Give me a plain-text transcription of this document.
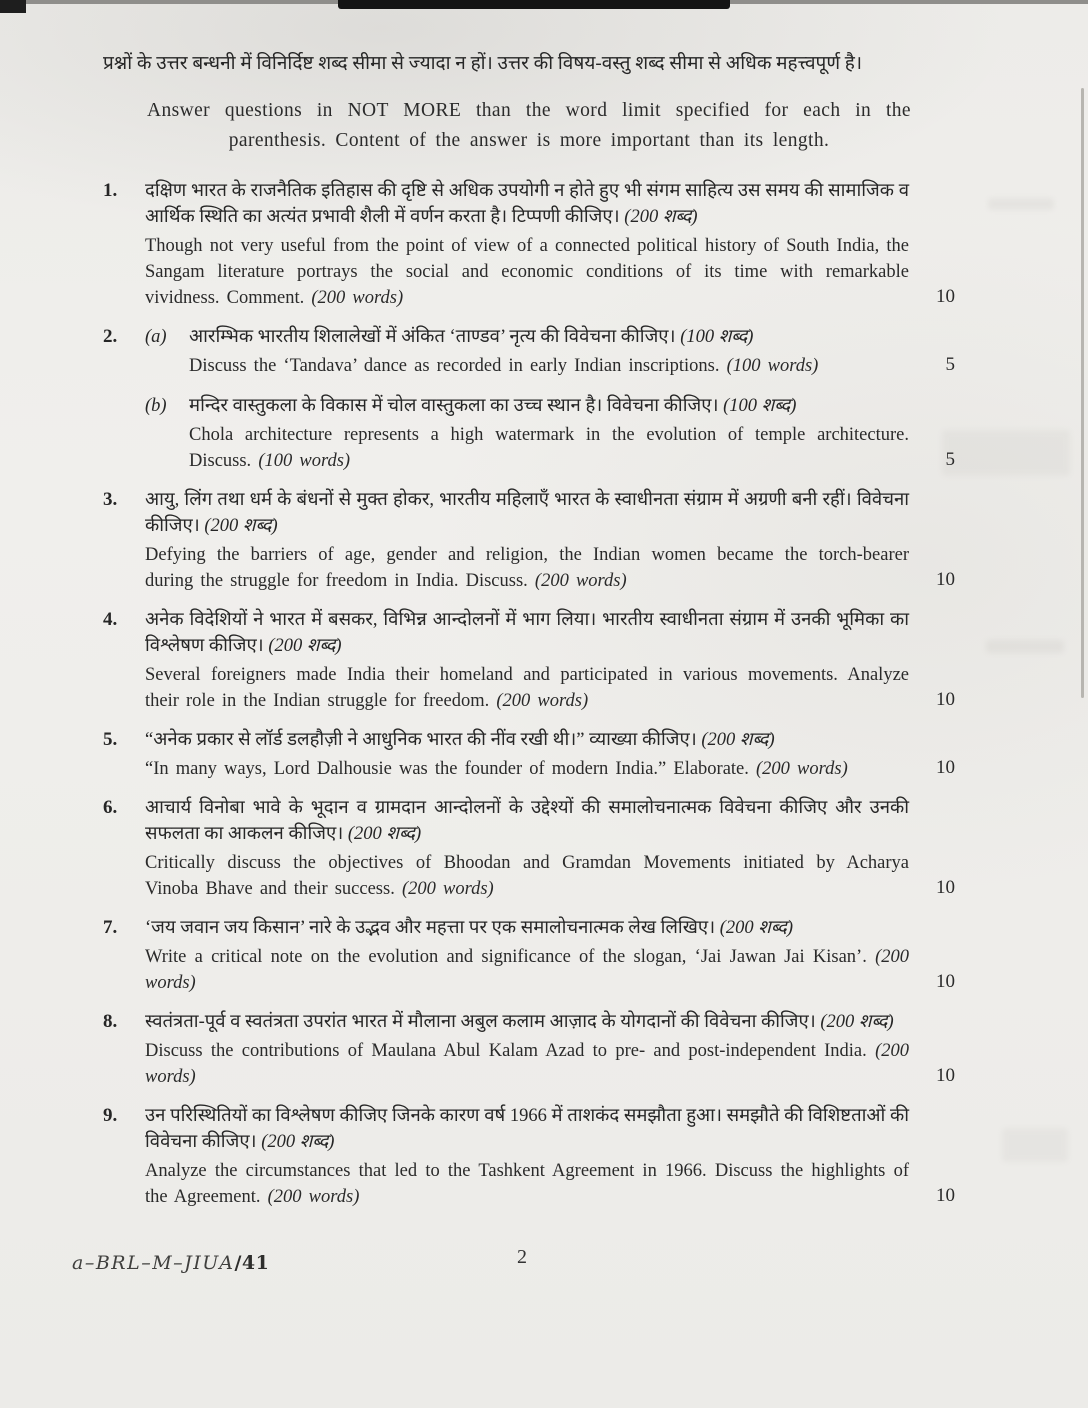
प्रश्नों के उत्तर बन्धनी में विनिर्दिष्ट शब्द सीमा से ज्यादा न हों। उत्तर की विषय-वस्तु शब्द सीमा से अधिक महत्त्वपूर्ण है।
Answer questions in NOT MORE than the word limit specified for each in the parenthesis. Content of the answer is more important than its length.
1.	दक्षिण भारत के राजनैतिक इतिहास की दृष्टि से अधिक उपयोगी न होते हुए भी संगम साहित्य उस समय की सामाजिक व आर्थिक स्थिति का अत्यंत प्रभावी शैली में वर्णन करता है। टिप्पणी कीजिए। (200 शब्द)
Though not very useful from the point of view of a connected political history of South India, the Sangam literature portrays the social and economic conditions of its time with remarkable vividness. Comment. (200 words)	10
2.	(a)	आरम्भिक भारतीय शिलालेखों में अंकित ‘ताण्डव’ नृत्य की विवेचना कीजिए। (100 शब्द)
Discuss the ‘Tandava’ dance as recorded in early Indian inscriptions. (100 words)	5
(b)	मन्दिर वास्तुकला के विकास में चोल वास्तुकला का उच्च स्थान है। विवेचना कीजिए। (100 शब्द)
Chola architecture represents a high watermark in the evolution of temple architecture. Discuss. (100 words)	5
3.	आयु, लिंग तथा धर्म के बंधनों से मुक्त होकर, भारतीय महिलाएँ भारत के स्वाधीनता संग्राम में अग्रणी बनी रहीं। विवेचना कीजिए। (200 शब्द)
Defying the barriers of age, gender and religion, the Indian women became the torch-bearer during the struggle for freedom in India. Discuss. (200 words)	10
4.	अनेक विदेशियों ने भारत में बसकर, विभिन्न आन्दोलनों में भाग लिया। भारतीय स्वाधीनता संग्राम में उनकी भूमिका का विश्लेषण कीजिए। (200 शब्द)
Several foreigners made India their homeland and participated in various movements. Analyze their role in the Indian struggle for freedom. (200 words)	10
5.	“अनेक प्रकार से लॉर्ड डलहौज़ी ने आधुनिक भारत की नींव रखी थी।” व्याख्या कीजिए। (200 शब्द)
“In many ways, Lord Dalhousie was the founder of modern India.” Elaborate. (200 words)	10
6.	आचार्य विनोबा भावे के भूदान व ग्रामदान आन्दोलनों के उद्देश्यों की समालोचनात्मक विवेचना कीजिए और उनकी सफलता का आकलन कीजिए। (200 शब्द)
Critically discuss the objectives of Bhoodan and Gramdan Movements initiated by Acharya Vinoba Bhave and their success. (200 words)	10
7.	‘जय जवान जय किसान’ नारे के उद्भव और महत्ता पर एक समालोचनात्मक लेख लिखिए। (200 शब्द)
Write a critical note on the evolution and significance of the slogan, ‘Jai Jawan Jai Kisan’. (200 words)	10
8.	स्वतंत्रता-पूर्व व स्वतंत्रता उपरांत भारत में मौलाना अबुल कलाम आज़ाद के योगदानों की विवेचना कीजिए। (200 शब्द)
Discuss the contributions of Maulana Abul Kalam Azad to pre- and post-independent India. (200 words)	10
9.	उन परिस्थितियों का विश्लेषण कीजिए जिनके कारण वर्ष 1966 में ताशकंद समझौता हुआ। समझौते की विशिष्टताओं की विवेचना कीजिए। (200 शब्द)
Analyze the circumstances that led to the Tashkent Agreement in 1966. Discuss the highlights of the Agreement. (200 words)	10
a–BRL–M–JIUA/41	2
